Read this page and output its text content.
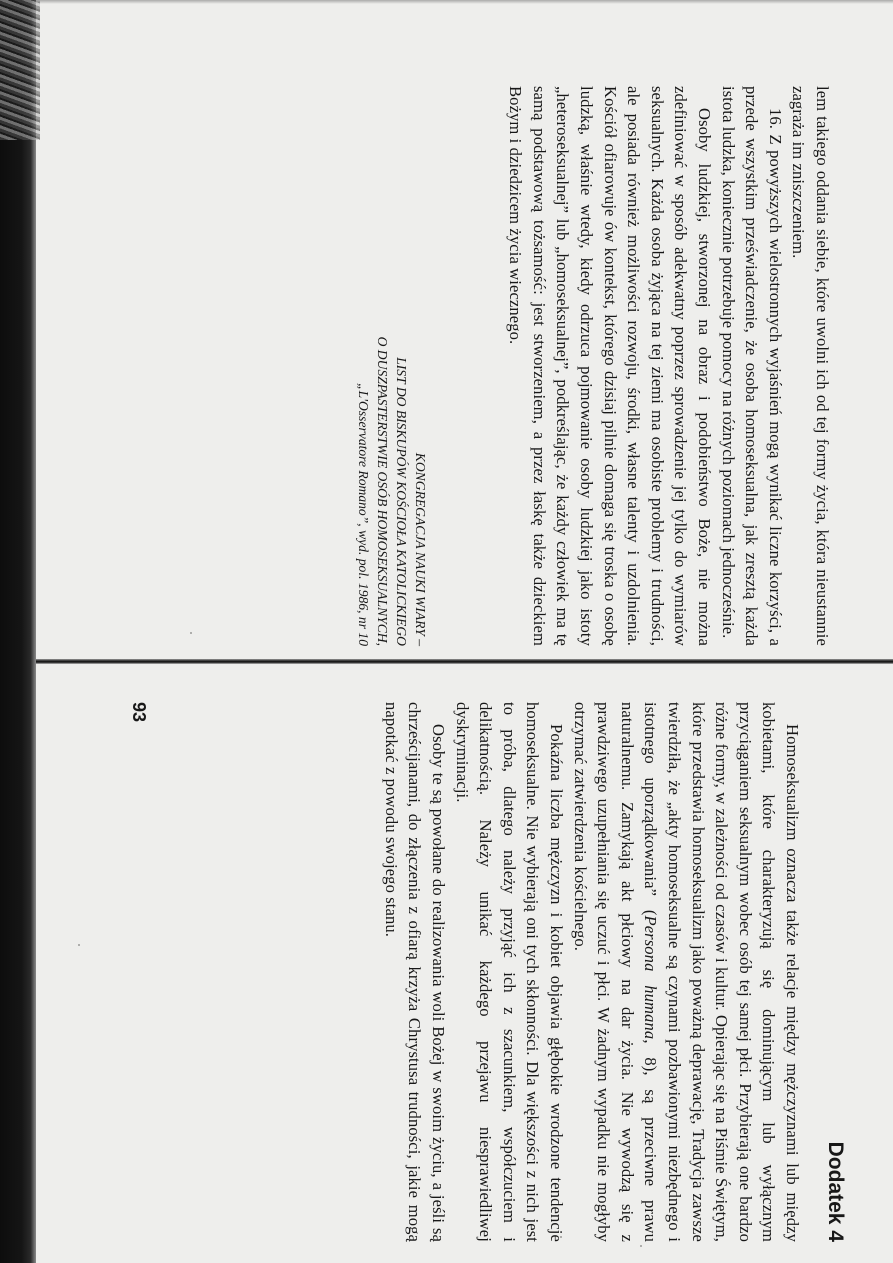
lem takiego oddania siebie, które uwolni ich od tej formy życia, która nieustannie zagraża im zniszczeniem.

16. Z powyższych wielostronnych wyjaśnień mogą wynikać liczne korzyści, a przede wszystkim przeświadczenie, że osoba homoseksualna, jak zresztą każda istota ludzka, koniecznie potrzebuje pomocy na różnych poziomach jednocześnie.

Osoby ludzkiej, stworzonej na obraz i podobieństwo Boże, nie można zdefiniować w sposób adekwatny poprzez sprowadzenie jej tylko do wymiarów seksualnych. Każda osoba żyjąca na tej ziemi ma osobiste problemy i trudności, ale posiada również możliwości rozwoju, środki, własne talenty i uzdolnienia. Kościół ofiarowuje ów kontekst, którego dzisiaj pilnie domaga się troska o osobę ludzką, właśnie wtedy, kiedy odrzuca pojmowanie osoby ludzkiej jako istoty „heteroseksualnej” lub „homoseksualnej”, podkreślając, że każdy człowiek ma tę samą podstawową tożsamość: jest stworzeniem, a przez łaskę także dzieckiem Bożym i dziedzicem życia wiecznego.

KONGREGACJA NAUKI WIARY –
LIST DO BISKUPÓW KOŚCIOŁA KATOLICKIEGO
O DUSZPASTERSTWIE OSÓB HOMOSEKSUALNYCH,
„L'Osservatore Romano”, wyd. pol. 1986, nr 10
Dodatek 4

Homoseksualizm oznacza także relacje między mężczyznami lub między kobietami, które charakteryzują się dominującym lub wyłącznym przyciąganiem seksualnym wobec osób tej samej płci. Przybierają one bardzo różne formy, w zależności od czasów i kultur. Opierając się na Piśmie Świętym, które przedstawia homoseksualizm jako poważną deprawację, Tradycja zawsze twierdziła, że „akty homoseksualne są czynami pozbawionymi niezbędnego i istotnego uporządkowania” (Persona humana, 8), są przeciwne prawu naturalnemu. Zamykają akt płciowy na dar życia. Nie wywodzą się z prawdziwego uzupełniania się uczuć i płci. W żadnym wypadku nie mogłyby otrzymać zatwierdzenia kościelnego.

Pokaźna liczba mężczyzn i kobiet objawia głębokie wrodzone tendencje homoseksualne. Nie wybierają oni tych skłonności. Dla większości z nich jest to próba, dlatego należy przyjąć ich z szacunkiem, współczuciem i delikatnością. Należy unikać każdego przejawu niesprawiedliwej dyskryminacji.

Osoby te są powołane do realizowania woli Bożej w swoim życiu, a jeśli są chrześcijanami, do złączenia z ofiarą krzyża Chrystusa trudności, jakie mogą napotkać z powodu swojego stanu.

93
